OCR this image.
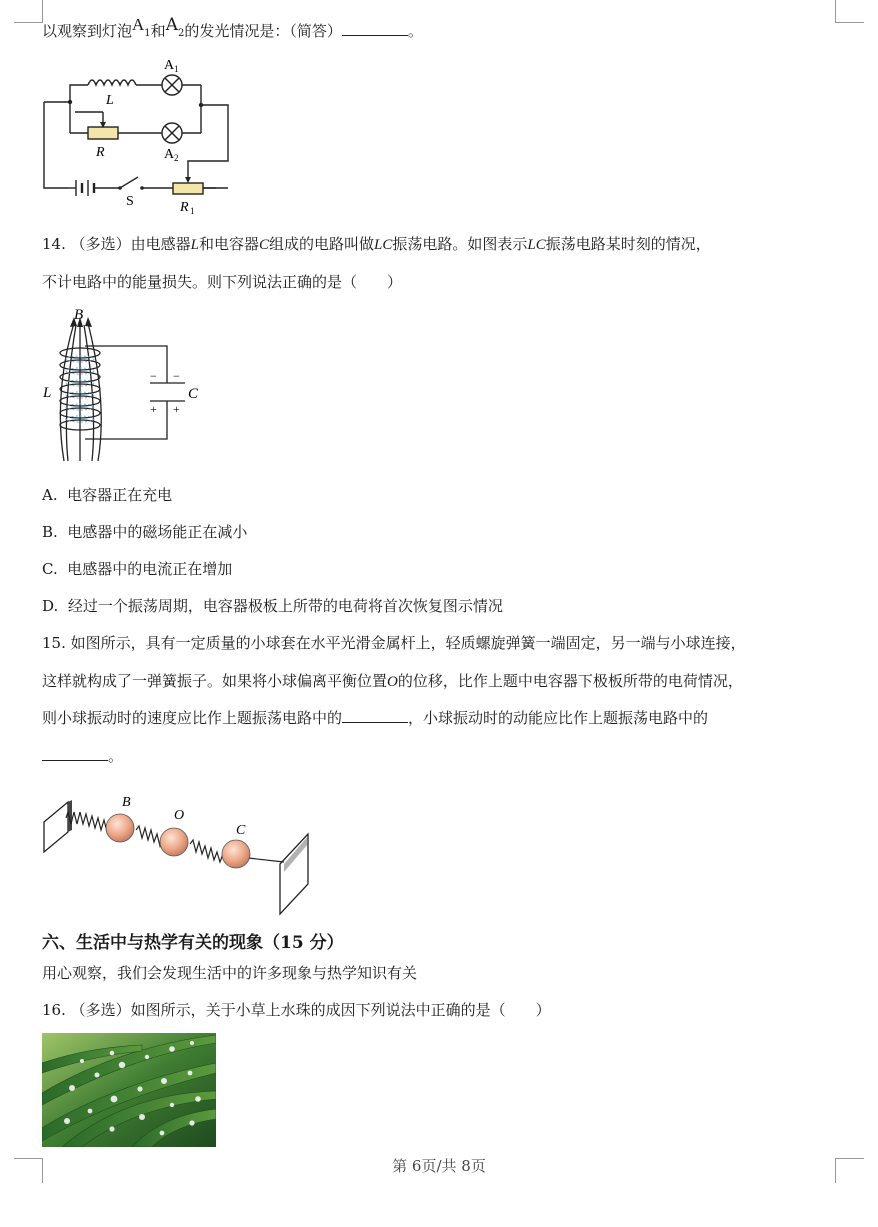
以观察到灯泡$A_1$和$A_2$的发光情况是：（简答）	。
A 1
L
R	A 2
S	R 1
14. （多选）由电感器L和电容器C组成的电路叫做LC振荡电路。如图表示LC振荡电路某时刻的情况，
不计电路中的能量损失。则下列说法正确的是（　　）
B
L	C
− −
+ +
A. 电容器正在充电
B. 电感器中的磁场能正在减小
C. 电感器中的电流正在增加
D. 经过一个振荡周期，电容器极板上所带的电荷将首次恢复图示情况
15. 如图所示，具有一定质量的小球套在水平光滑金属杆上，轻质螺旋弹簧一端固定，另一端与小球连接，
这样就构成了一弹簧振子。如果将小球偏离平衡位置O的位移，比作上题中电容器下极板所带的电荷情况，
则小球振动时的速度应比作上题振荡电路中的	，小球振动时的动能应比作上题振荡电路中的
。
B
O
C
六、生活中与热学有关的现象（15 分）
用心观察，我们会发现生活中的许多现象与热学知识有关
16. （多选）如图所示，关于小草上水珠的成因下列说法中正确的是（　　）
第 6页/共 8页
